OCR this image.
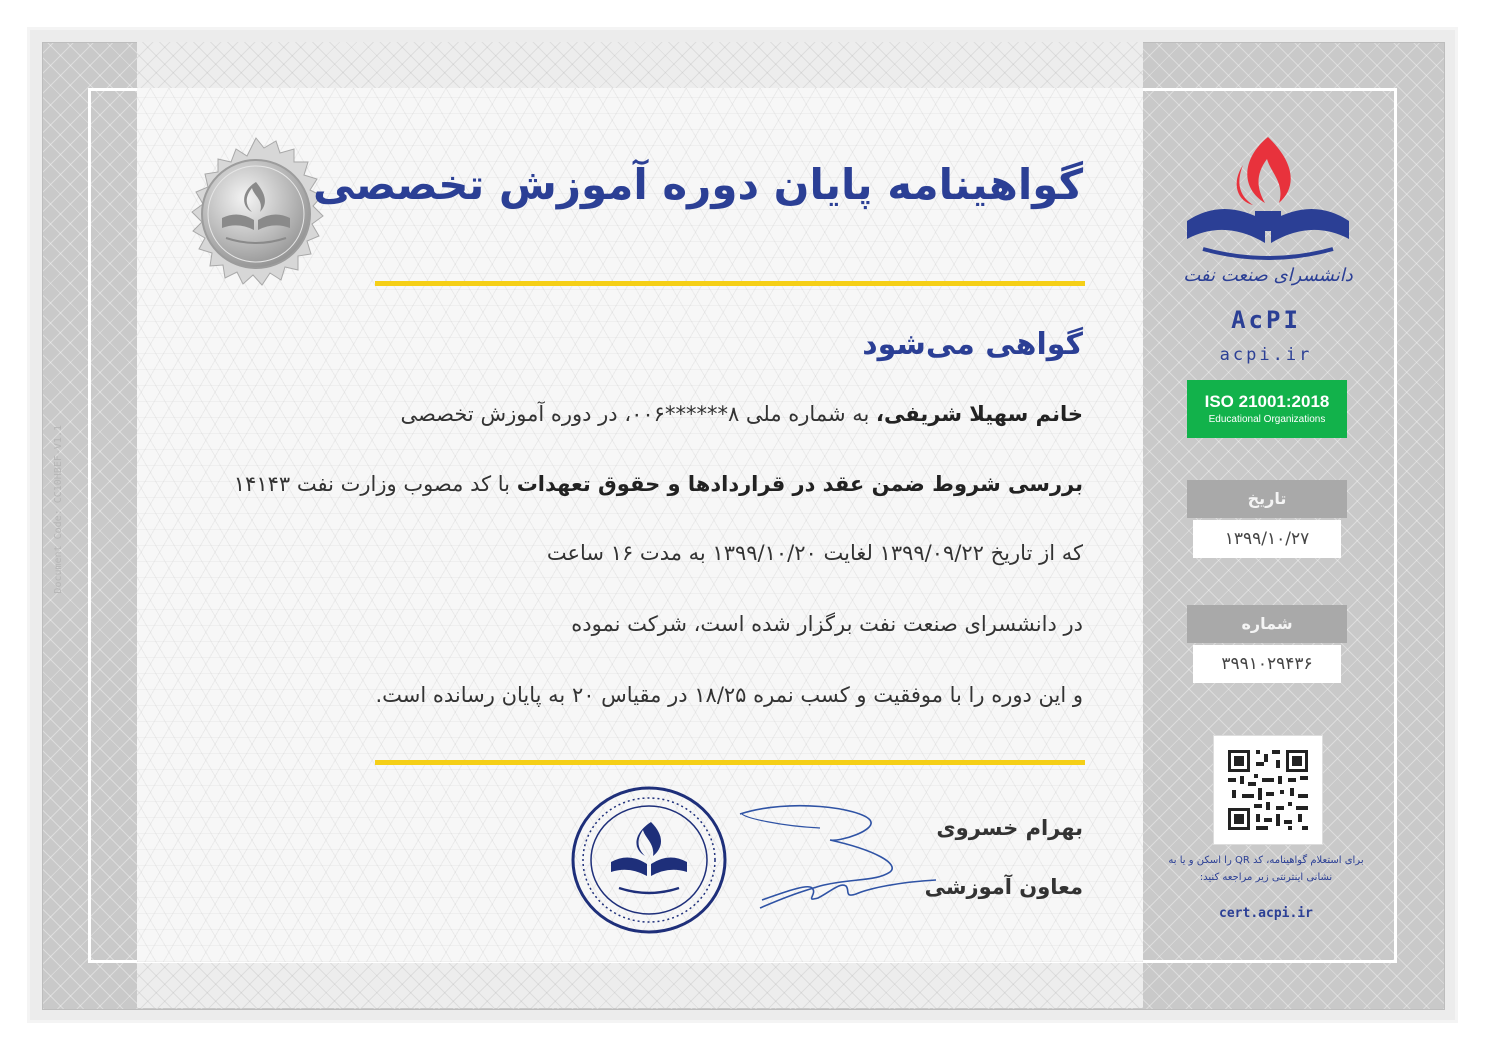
Document Code: CC10HBEF-V1.1
گواهینامه پایان دوره آموزش تخصصی
گواهی می‌شود
خانم سهیلا شریفی، به شماره ملی ۸******۰۰۶، در دوره آموزش تخصصی
بررسی شروط ضمن عقد در قراردادها و حقوق تعهدات با کد مصوب وزارت نفت ۱۴۱۴۳
که از تاریخ ۱۳۹۹/۰۹/۲۲ لغایت ۱۳۹۹/۱۰/۲۰ به مدت ۱۶ ساعت
در دانشسرای صنعت نفت برگزار شده است، شرکت نموده
و این دوره را با موفقیت و کسب نمره ۱۸/۲۵ در مقیاس ۲۰ به پایان رسانده است.
بهرام خسروی
معاون آموزشی
دانشسرای صنعت نفت
AcPI
acpi.ir
ISO 21001:2018
Educational Organizations
تاریخ
۱۳۹۹/۱۰/۲۷
شماره
۳۹۹۱۰۲۹۴۳۶
برای استعلام گواهینامه، کد QR را اسکن و یا به نشانی اینترنتی زیر مراجعه کنید:
cert.acpi.ir
